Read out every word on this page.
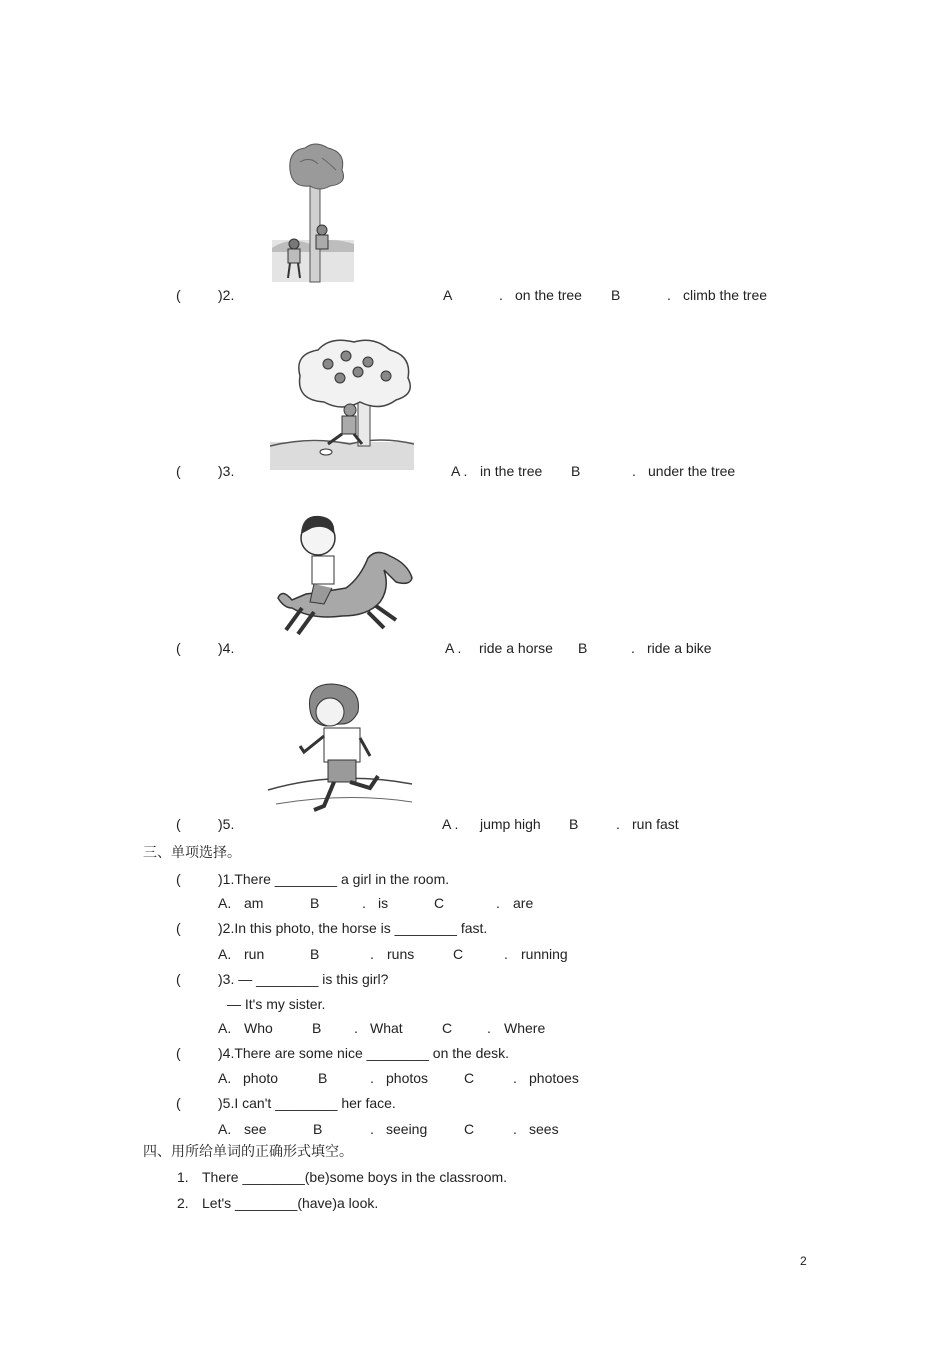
(	)2.	A	. on the tree B	. climb the tree
(	)3.	A . in the tree B	. under the tree
(	)4.	A . ride a horse B	. ride a bike
(	)5.	A . jump high B	. run fast
三、单项选择。
(	)1.There ________ a girl in the room.
A. am	B	. is	C	. are
(	)2.In this photo, the horse is ________ fast.
A. run	B	. runs	C	. running
(	)3. — ________ is this girl?
— It's my sister.
A. Who	B . What	C . Where
(	)4.There are some nice ________ on the desk.
A. photo	B	. photos	C	. photoes
(	)5.I can't ________ her face.
A. see	B	. seeing	C	. sees
四、用所给单词的正确形式填空。
1. There ________(be)some boys in the classroom.
2. Let's ________(have)a look.
2
